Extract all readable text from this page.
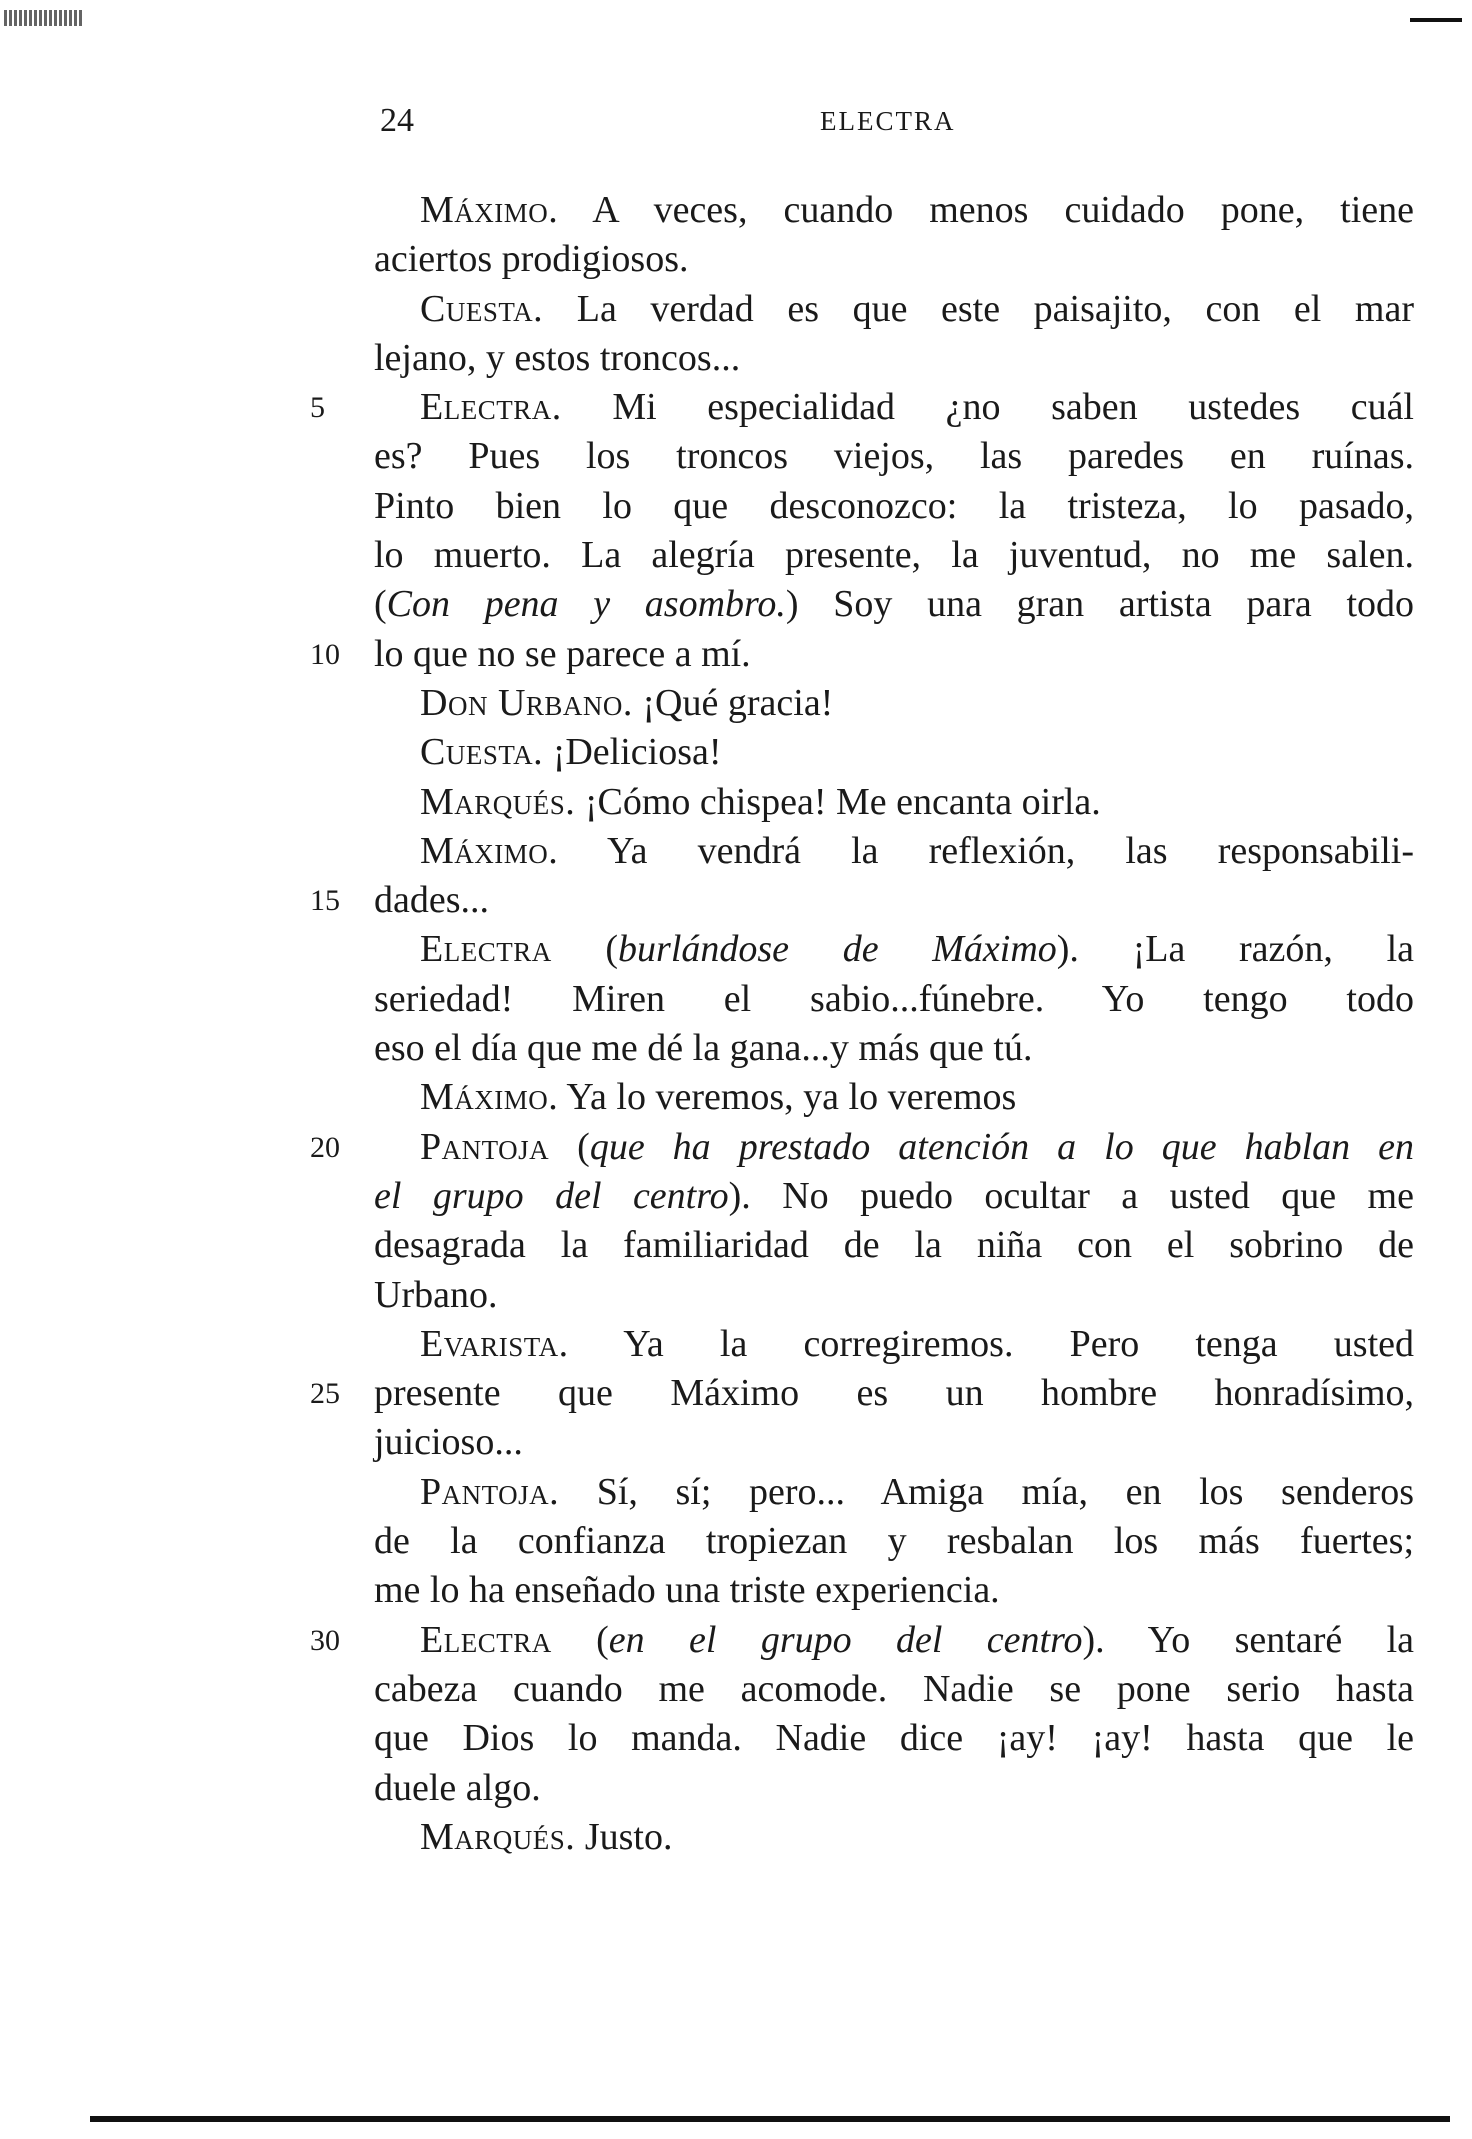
24	ELECTRA
Máximo. A veces, cuando menos cuidado pone, tiene
aciertos prodigiosos.
Cuesta. La verdad es que este paisajito, con el mar
lejano, y estos troncos...
5	Electra. Mi especialidad ¿no saben ustedes cuál
es? Pues los troncos viejos, las paredes en ruínas.
Pinto bien lo que desconozco: la tristeza, lo pasado,
lo muerto. La alegría presente, la juventud, no me salen.
(Con pena y asombro.) Soy una gran artista para todo
10 lo que no se parece a mí.
Don Urbano. ¡Qué gracia!
Cuesta. ¡Deliciosa!
Marqués. ¡Cómo chispea! Me encanta oirla.
Máximo. Ya vendrá la reflexión, las responsabili-
15 dades...
Electra (burlándose de Máximo). ¡La razón, la
seriedad! Miren el sabio...fúnebre. Yo tengo todo
eso el día que me dé la gana...y más que tú.
Máximo. Ya lo veremos, ya lo veremos
20 Pantoja (que ha prestado atención a lo que hablan en
el grupo del centro). No puedo ocultar a usted que me
desagrada la familiaridad de la niña con el sobrino de
Urbano.
Evarista. Ya la corregiremos. Pero tenga usted
25 presente que Máximo es un hombre honradísimo,
juicioso...
Pantoja. Sí, sí; pero... Amiga mía, en los senderos
de la confianza tropiezan y resbalan los más fuertes;
me lo ha enseñado una triste experiencia.
30 Electra (en el grupo del centro). Yo sentaré la
cabeza cuando me acomode. Nadie se pone serio hasta
que Dios lo manda. Nadie dice ¡ay! ¡ay! hasta que le
duele algo.
Marqués. Justo.
